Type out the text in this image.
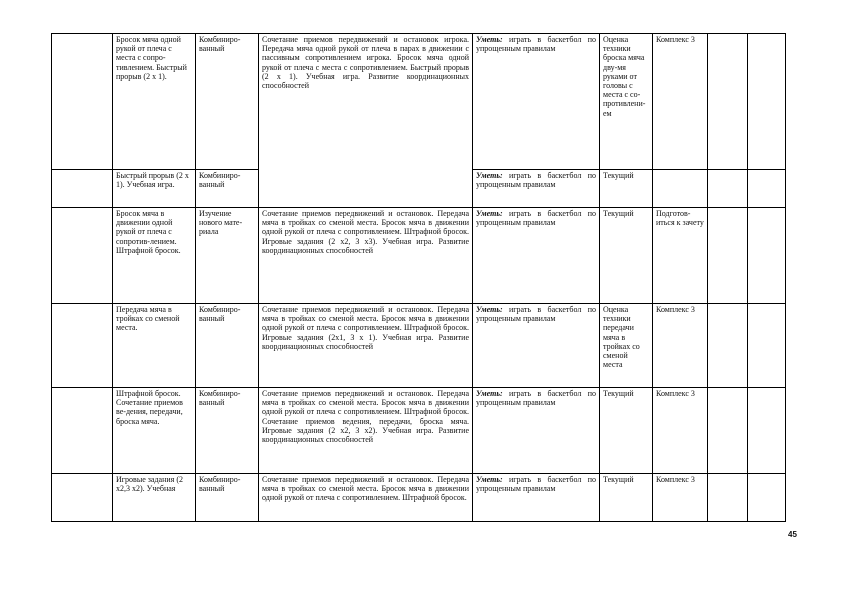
	Бросок мяча одной рукой от плеча с места с сопро-тивлением. Быстрый прорыв (2 x 1).	Комбиниро-ванный	Сочетание приемов передвижений и остановок игрока. Передача мяча одной рукой от плеча в парах в движении с пассивным сопротивлением игрока. Бросок мяча одной рукой от плеча с места с сопротивлением. Быстрый прорыв (2 x 1). Учебная игра. Развитие координационных способностей	Уметь: играть в баскетбол по упрощенным правилам	Оценка техники броска мяча дву-мя руками от головы с места с со-противлени-ем	Комплекс 3		
	Быстрый прорыв (2 x 1). Учебная игра.	Комбиниро-ванный		Уметь: играть в баскетбол по упрощенным правилам	Текущий			
	Бросок мяча в движении одной рукой от плеча с сопротив-лением. Штрафной бросок.	Изучение нового мате-риала	Сочетание приемов передвижений и остановок. Передача мяча в тройках со сменой места. Бросок мяча в движении одной рукой от плеча с сопротивлением. Штрафной бросок. Игровые задания (2 x2, 3 x3). Учебная игра. Развитие координационных способностей	Уметь: играть в баскетбол по упрощенным правилам	Текущий	Подготов-иться к зачету		
	Передача мяча в тройках со сменой места.	Комбиниро-ванный	Сочетание приемов передвижений и остановок. Передача мяча в тройках со сменой места. Бросок мяча в движении одной рукой от плеча с сопротивлением. Штрафной бросок. Игровые задания (2x1, 3 x 1). Учебная игра. Развитие координационных способностей	Уметь: играть в баскетбол по упрощенным правилам	Оценка техники передачи мяча в тройках со сменой места	Комплекс 3		
	Штрафной бросок. Сочетание приемов ве-дения, передачи, броска мяча.	Комбиниро-ванный	Сочетание приемов передвижений и остановок. Передача мяча в тройках со сменой места. Бросок мяча в движении одной рукой от плеча с сопротивлением. Штрафной бросок. Сочетание приемов ведения, передачи, броска мяча. Игровые задания (2 x2, 3 x2). Учебная игра. Развитие координационных способностей	Уметь: играть в баскетбол по упрощенным правилам	Текущий	Комплекс 3		
	Игровые задания (2 x2,3 x2). Учебная	Комбиниро-ванный	Сочетание приемов передвижений и остановок. Передача мяча в тройках со сменой места. Бросок мяча в движении одной рукой от плеча с сопротивлением. Штрафной бросок.	Уметь: играть в баскетбол по упрощенным правилам	Текущий	Комплекс 3		
45
